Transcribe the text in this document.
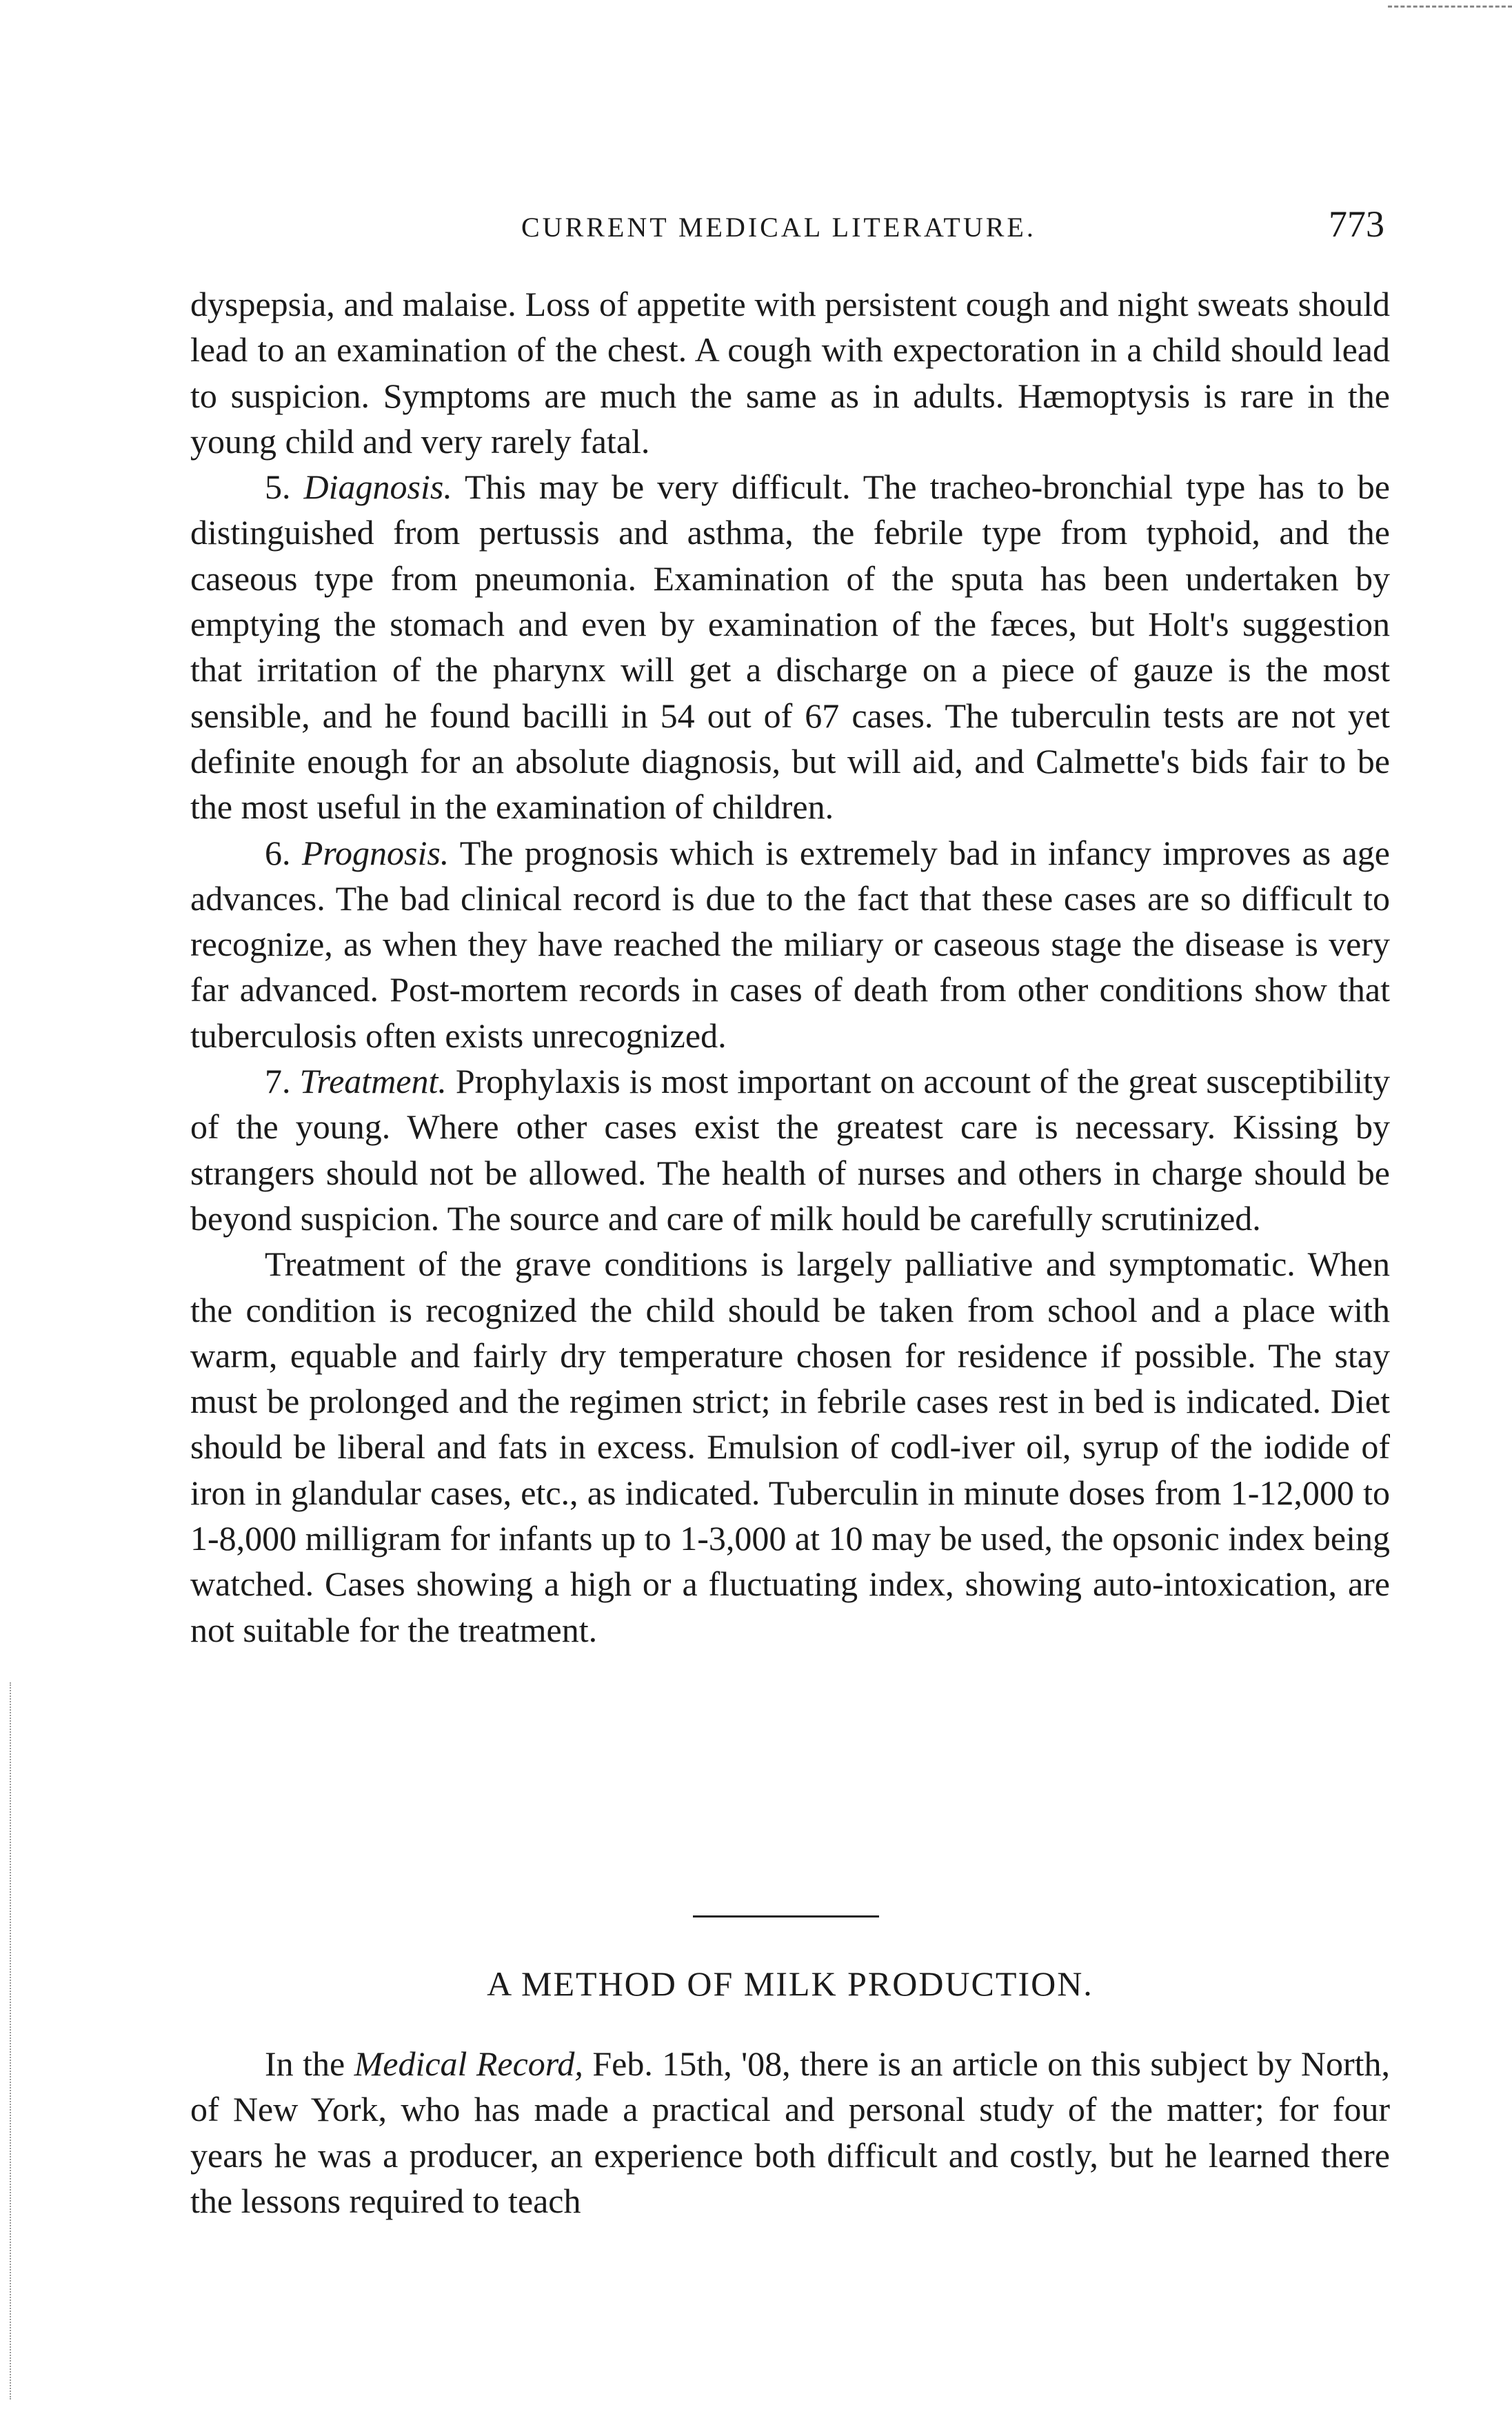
CURRENT MEDICAL LITERATURE.	773

dyspepsia, and malaise. Loss of appetite with persistent cough and night sweats should lead to an examination of the chest. A cough with expectoration in a child should lead to suspicion. Symptoms are much the same as in adults. Hæmoptysis is rare in the young child and very rarely fatal.

5. Diagnosis. This may be very difficult. The tracheo-bronchial type has to be distinguished from pertussis and asthma, the febrile type from typhoid, and the caseous type from pneumonia. Examination of the sputa has been undertaken by emptying the stomach and even by examination of the fæces, but Holt's suggestion that irritation of the pharynx will get a discharge on a piece of gauze is the most sensible, and he found bacilli in 54 out of 67 cases. The tuberculin tests are not yet definite enough for an absolute diagnosis, but will aid, and Calmette's bids fair to be the most useful in the examination of children.

6. Prognosis. The prognosis which is extremely bad in infancy improves as age advances. The bad clinical record is due to the fact that these cases are so difficult to recognize, as when they have reached the miliary or caseous stage the disease is very far advanced. Post-mortem records in cases of death from other conditions show that tuberculosis often exists unrecognized.

7. Treatment. Prophylaxis is most important on account of the great susceptibility of the young. Where other cases exist the greatest care is necessary. Kissing by strangers should not be allowed. The health of nurses and others in charge should be beyond suspicion. The source and care of milk hould be carefully scrutinized.

Treatment of the grave conditions is largely palliative and symptomatic. When the condition is recognized the child should be taken from school and a place with warm, equable and fairly dry temperature chosen for residence if possible. The stay must be prolonged and the regimen strict; in febrile cases rest in bed is indicated. Diet should be liberal and fats in excess. Emulsion of codl-iver oil, syrup of the iodide of iron in glandular cases, etc., as indicated. Tuberculin in minute doses from 1-12,000 to 1-8,000 milligram for infants up to 1-3,000 at 10 may be used, the opsonic index being watched. Cases showing a high or a fluctuating index, showing auto-intoxication, are not suitable for the treatment.

A METHOD OF MILK PRODUCTION.

In the Medical Record, Feb. 15th, '08, there is an article on this subject by North, of New York, who has made a practical and personal study of the matter; for four years he was a producer, an experience both difficult and costly, but he learned there the lessons required to teach
